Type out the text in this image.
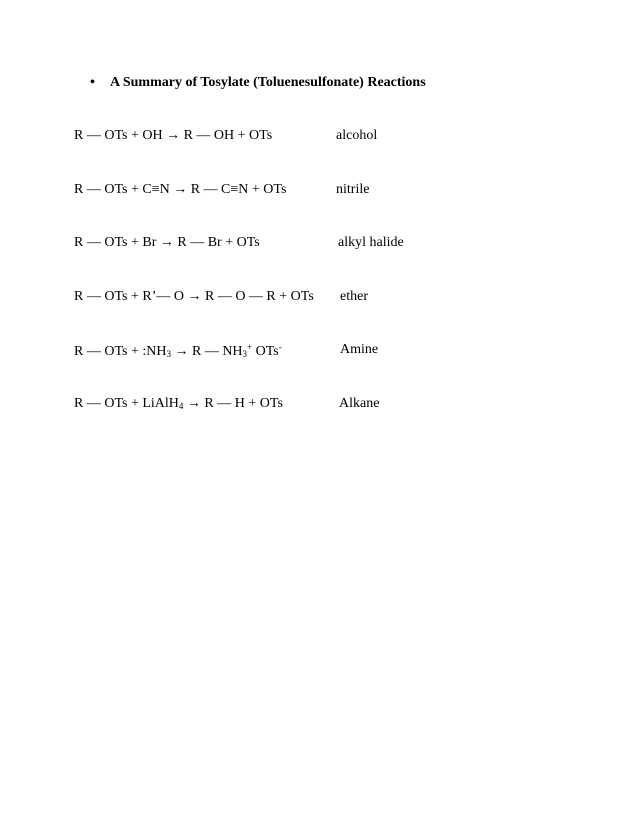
• A Summary of Tosylate (Toluenesulfonate) Reactions
R — OTs + OH → R — OH + OTs	alcohol
R — OTs + C≡N → R — C≡N + OTs	nitrile
R — OTs + Br → R — Br + OTs	alkyl halide
R — OTs + R’— O → R — O — R + OTs ether
R — OTs + $:NH_3 \to R$ — $NH_3^+$ OTs-	Amine
R — OTs + LiAlH$_4$ → R — H + OTs	Alkane
